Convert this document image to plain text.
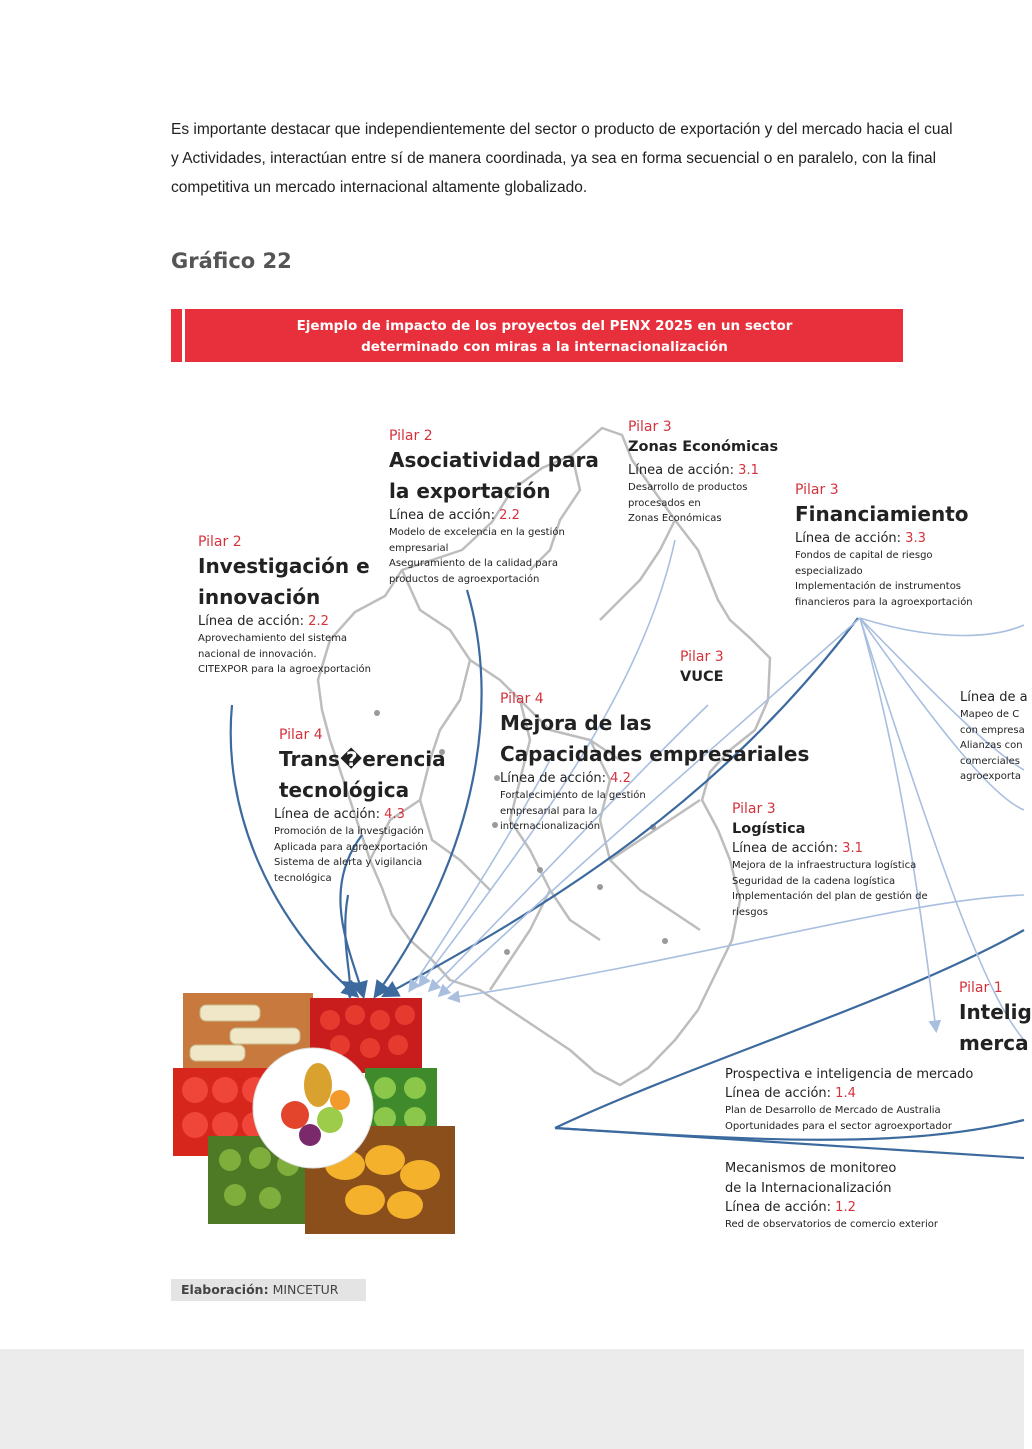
Es importante destacar que independientemente del sector o producto de exportación y del mercado hacia el cual
y Actividades, interactúan entre sí de manera coordinada, ya sea en forma secuencial o en paralelo, con la final
competitiva un mercado internacional altamente globalizado.
Gráfico 22
Ejemplo de impacto de los proyectos del PENX 2025 en un sector
determinado con miras a la internacionalización
Pilar 2
Investigación e
innovación
Línea de acción: 2.2
Aprovechamiento del sistema
nacional de innovación.
CITEXPOR para la agroexportación
Pilar 2
Asociatividad para
la exportación
Línea de acción: 2.2
Modelo de excelencia en la gestión
empresarial
Aseguramiento de la calidad para
productos de agroexportación
Pilar 3
Zonas Económicas
Línea de acción: 3.1
Desarrollo de productos
procesados en
Zonas Económicas
Pilar 3
Financiamiento
Línea de acción: 3.3
Fondos de capital de riesgo
especializado
Implementación de instrumentos
financieros para la agroexportación
Pilar 3
VUCE
Pilar 4
Mejora de las
Capacidades empresariales
Línea de acción: 4.2
Fortalecimiento de la gestión
empresarial para la
internacionalización
Pilar 4
Trans�erencia
tecnológica
Línea de acción: 4.3
Promoción de la investigación
Aplicada para agroexportación
Sistema de alerta y vigilancia
tecnológica
Pilar 3
Logística
Línea de acción: 3.1
Mejora de la infraestructura logística
Seguridad de la cadena logística
Implementación del plan de gestión de
riesgos
Línea de a
Mapeo de C
con empresa
Alianzas con
comerciales
agroexporta
Pilar 1
Intelig
merca
Prospectiva e inteligencia de mercado
Línea de acción: 1.4
Plan de Desarrollo de Mercado de Australia
Oportunidades para el sector agroexportador
Mecanismos de monitoreo
de la Internacionalización
Línea de acción: 1.2
Red de observatorios de comercio exterior
Elaboración: MINCETUR
